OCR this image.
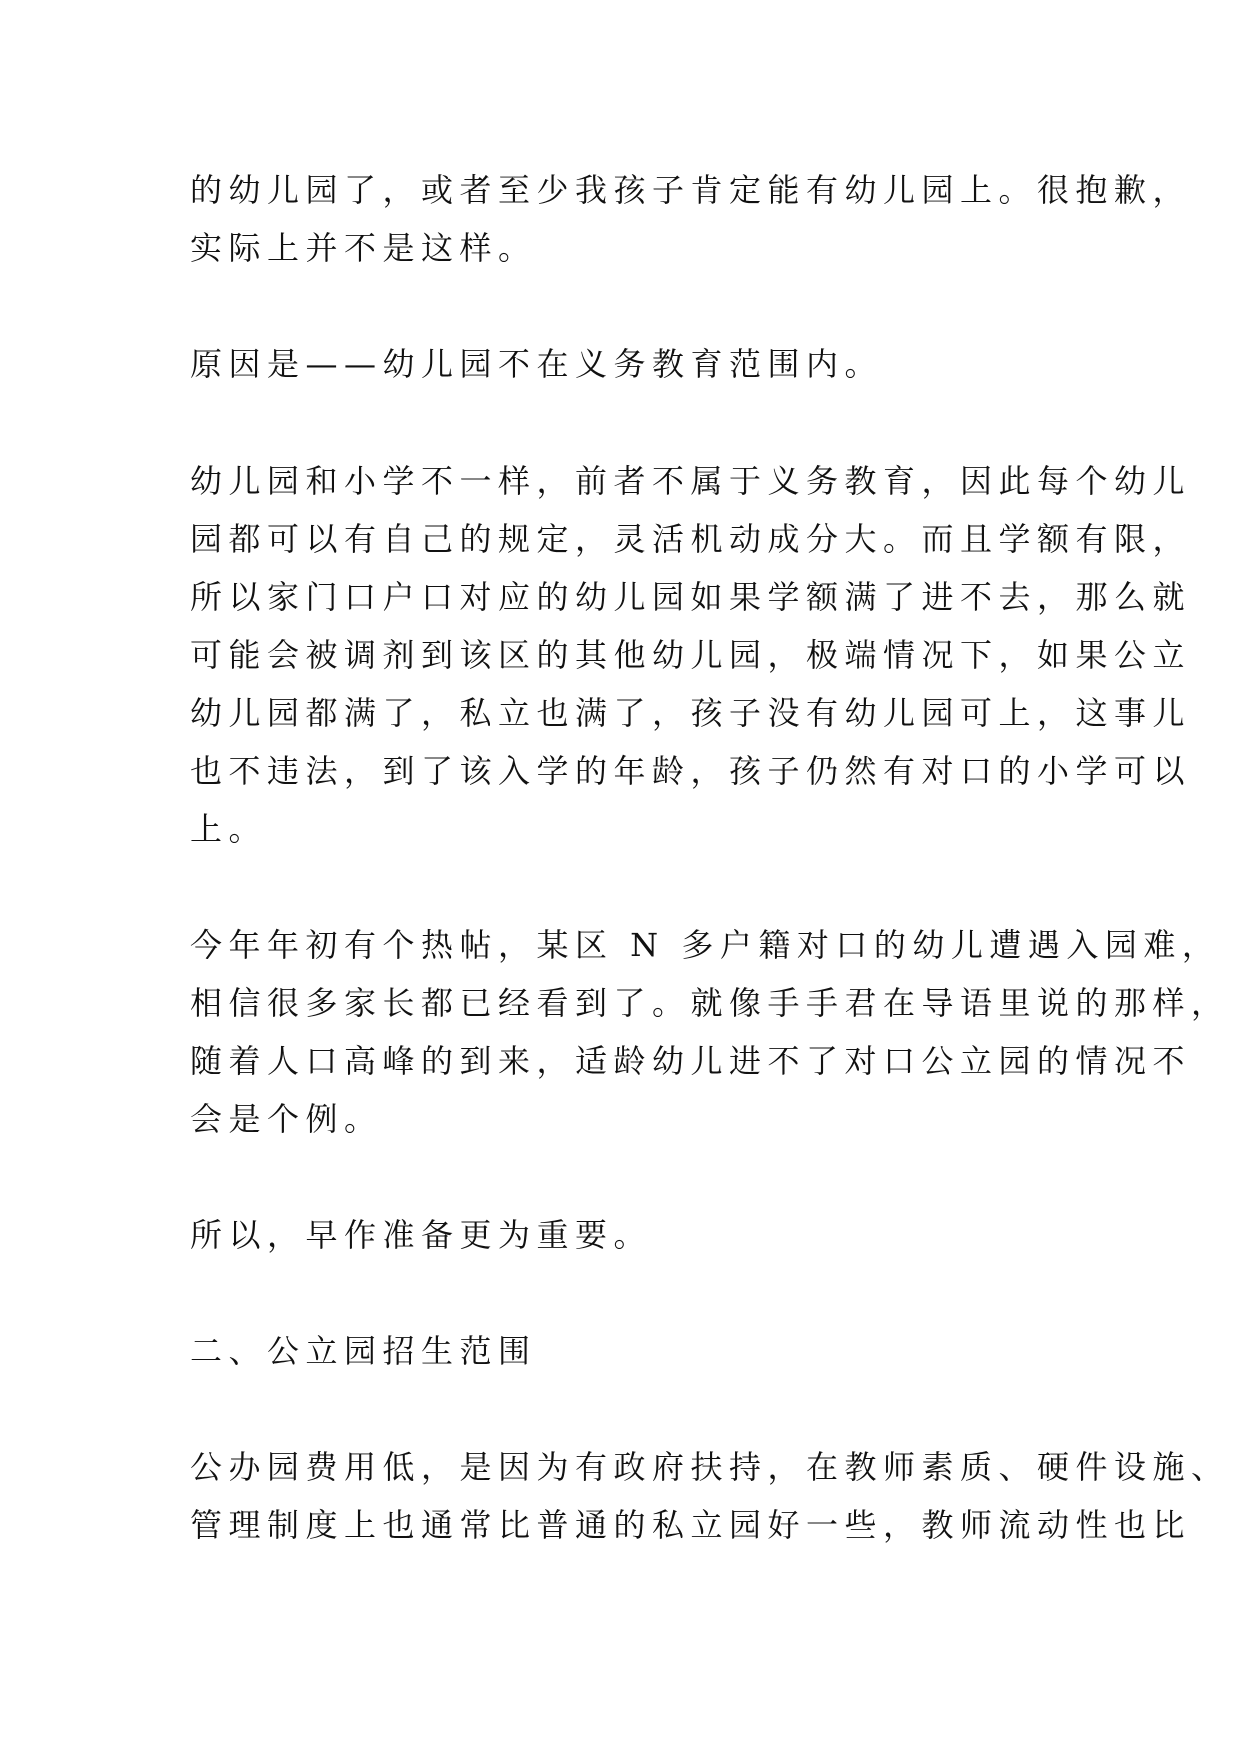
的幼儿园了，或者至少我孩子肯定能有幼儿园上。很抱歉，
实际上并不是这样。

原因是——幼儿园不在义务教育范围内。

幼儿园和小学不一样，前者不属于义务教育，因此每个幼儿
园都可以有自己的规定，灵活机动成分大。而且学额有限，
所以家门口户口对应的幼儿园如果学额满了进不去，那么就
可能会被调剂到该区的其他幼儿园，极端情况下，如果公立
幼儿园都满了，私立也满了，孩子没有幼儿园可上，这事儿
也不违法，到了该入学的年龄，孩子仍然有对口的小学可以
上。

今年年初有个热帖，某区 N 多户籍对口的幼儿遭遇入园难，
相信很多家长都已经看到了。就像手手君在导语里说的那样，
随着人口高峰的到来，适龄幼儿进不了对口公立园的情况不
会是个例。

所以，早作准备更为重要。

二、公立园招生范围

公办园费用低，是因为有政府扶持，在教师素质、硬件设施、
管理制度上也通常比普通的私立园好一些，教师流动性也比
